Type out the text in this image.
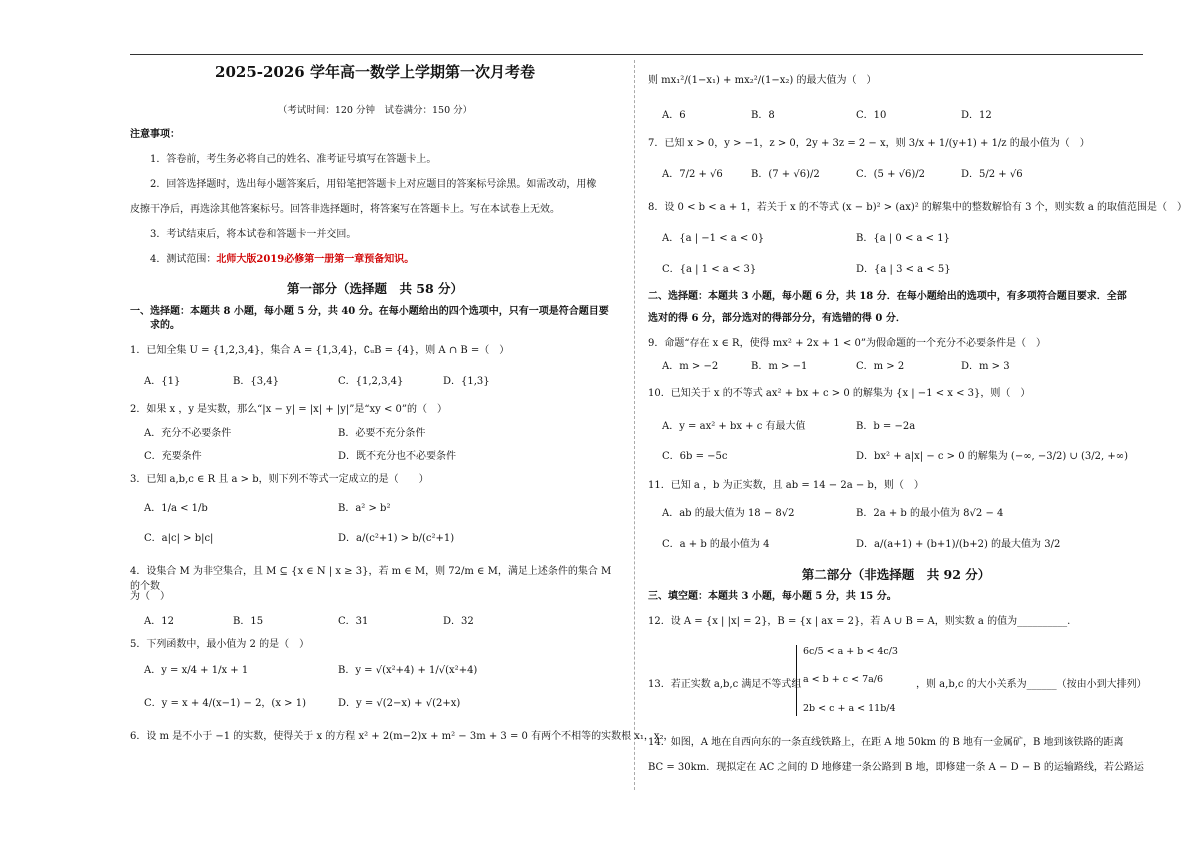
2025-2026 学年高一数学上学期第一次月考卷
（考试时间：120 分钟　试卷满分：150 分）
注意事项：
1．答卷前，考生务必将自己的姓名、准考证号填写在答题卡上。
2．回答选择题时，选出每小题答案后，用铅笔把答题卡上对应题目的答案标号涂黑。如需改动，用橡
皮擦干净后，再选涂其他答案标号。回答非选择题时，将答案写在答题卡上。写在本试卷上无效。
3．考试结束后，将本试卷和答题卡一并交回。
4．测试范围：北师大版2019必修第一册第一章预备知识。
第一部分（选择题　共 58 分）
一、选择题：本题共 8 小题，每小题 5 分，共 40 分。在每小题给出的四个选项中，只有一项是符合题目要
求的。
1．已知全集 U = {1,2,3,4}，集合 A = {1,3,4}，∁ᵤB = {4}，则 A ∩ B =（　）
A．{1}	B．{3,4}	C．{1,2,3,4}	D．{1,3}
2．如果 x ，y 是实数，那么“|x − y| = |x| + |y|”是“xy < 0”的（　）
A．充分不必要条件	B．必要不充分条件
C．充要条件	D．既不充分也不必要条件
3．已知 a,b,c ∈ R 且 a > b，则下列不等式一定成立的是（　　）
A．1/a < 1/b	B．a² > b²
C．a|c| > b|c|	D．a/(c²+1) > b/(c²+1)
4．设集合 M 为非空集合，且 M ⊆ {x ∈ N | x ≥ 3}，若 m ∈ M，则 72/m ∈ M，满足上述条件的集合 M 的个数
为（　）
A．12	B．15	C．31	D．32
5．下列函数中，最小值为 2 的是（　）
A．y = x/4 + 1/x + 1	B．y = √(x²+4) + 1/√(x²+4)
C．y = x + 4/(x−1) − 2，(x > 1)	D．y = √(2−x) + √(2+x)
6．设 m 是不小于 −1 的实数，使得关于 x 的方程 x² + 2(m−2)x + m² − 3m + 3 = 0 有两个不相等的实数根 x₁，x₂，
则 mx₁²/(1−x₁) + mx₂²/(1−x₂) 的最大值为（　）
A．6	B．8	C．10	D．12
7．已知 x > 0，y > −1，z > 0，2y + 3z = 2 − x，则 3/x + 1/(y+1) + 1/z 的最小值为（　）
A．7/2 + √6	B．(7 + √6)/2	C．(5 + √6)/2	D．5/2 + √6
8．设 0 < b < a + 1，若关于 x 的不等式 (x − b)² > (ax)² 的解集中的整数解恰有 3 个，则实数 a 的取值范围是（　）
A．{a | −1 < a < 0}	B．{a | 0 < a < 1}
C．{a | 1 < a < 3}	D．{a | 3 < a < 5}
二、选择题：本题共 3 小题，每小题 6 分，共 18 分．在每小题给出的选项中，有多项符合题目要求．全部
选对的得 6 分，部分选对的得部分分，有选错的得 0 分．
9．命题“存在 x ∈ R，使得 mx² + 2x + 1 < 0”为假命题的一个充分不必要条件是（　）
A．m > −2	B．m > −1	C．m > 2	D．m > 3
10．已知关于 x 的不等式 ax² + bx + c > 0 的解集为 {x | −1 < x < 3}，则（　）
A．y = ax² + bx + c 有最大值	B．b = −2a
C．6b = −5c	D．bx² + a|x| − c > 0 的解集为 (−∞, −3/2) ∪ (3/2, +∞)
11．已知 a ，b 为正实数，且 ab = 14 − 2a − b，则（　）
A．ab 的最大值为 18 − 8√2	B．2a + b 的最小值为 8√2 − 4
C．a + b 的最小值为 4	D．a/(a+1) + (b+1)/(b+2) 的最大值为 3/2
第二部分（非选择题　共 92 分）
三、填空题：本题共 3 小题，每小题 5 分，共 15 分。
12．设 A = {x | |x| = 2}，B = {x | ax = 2}，若 A ∪ B = A，则实数 a 的值为__________.
13．若正实数 a,b,c 满足不等式组
6c/5 < a + b < 4c/3
a < b + c < 7a/6
2b < c + a < 11b/4
，则 a,b,c 的大小关系为______（按由小到大排列）
14．如图，A 地在自西向东的一条直线铁路上，在距 A 地 50km 的 B 地有一金属矿，B 地到该铁路的距离
BC = 30km．现拟定在 AC 之间的 D 地修建一条公路到 B 地，即修建一条 A − D − B 的运输路线，若公路运
